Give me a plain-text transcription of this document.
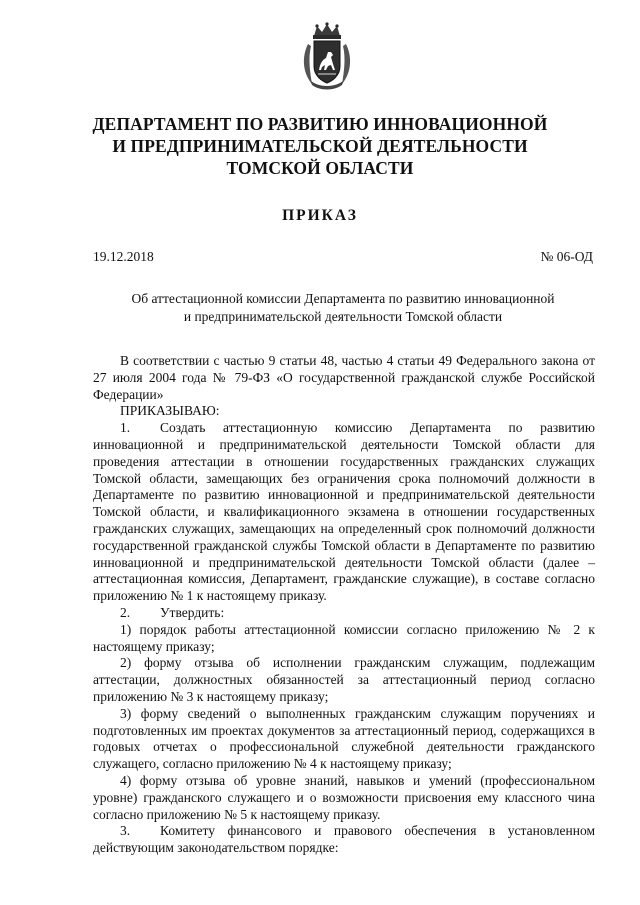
ДЕПАРТАМЕНТ ПО РАЗВИТИЮ ИННОВАЦИОННОЙ
И ПРЕДПРИНИМАТЕЛЬСКОЙ ДЕЯТЕЛЬНОСТИ
ТОМСКОЙ ОБЛАСТИ
ПРИКАЗ
19.12.2018	№ 06-ОД
Об аттестационной комиссии Департамента по развитию инновационной
и предпринимательской деятельности Томской области

В соответствии с частью 9 статьи 48, частью 4 статьи 49 Федерального закона от 27 июля 2004 года № 79-ФЗ «О государственной гражданской службе Российской Федерации»

ПРИКАЗЫВАЮ:

1. Создать аттестационную комиссию Департамента по развитию инновационной и предпринимательской деятельности Томской области для проведения аттестации в отношении государственных гражданских служащих Томской области, замещающих без ограничения срока полномочий должности в Департаменте по развитию инновационной и предпринимательской деятельности Томской области, и квалификационного экзамена в отношении государственных гражданских служащих, замещающих на определенный срок полномочий должности государственной гражданской службы Томской области в Департаменте по развитию инновационной и предпринимательской деятельности Томской области (далее – аттестационная комиссия, Департамент, гражданские служащие), в составе согласно приложению № 1 к настоящему приказу.

2. Утвердить:

1) порядок работы аттестационной комиссии согласно приложению № 2 к настоящему приказу;

2) форму отзыва об исполнении гражданским служащим, подлежащим аттестации, должностных обязанностей за аттестационный период согласно приложению № 3 к настоящему приказу;

3) форму сведений о выполненных гражданским служащим поручениях и подготовленных им проектах документов за аттестационный период, содержащихся в годовых отчетах о профессиональной служебной деятельности гражданского служащего, согласно приложению № 4 к настоящему приказу;

4) форму отзыва об уровне знаний, навыков и умений (профессиональном уровне) гражданского служащего и о возможности присвоения ему классного чина согласно приложению № 5 к настоящему приказу.

3. Комитету финансового и правового обеспечения в установленном действующим законодательством порядке:
